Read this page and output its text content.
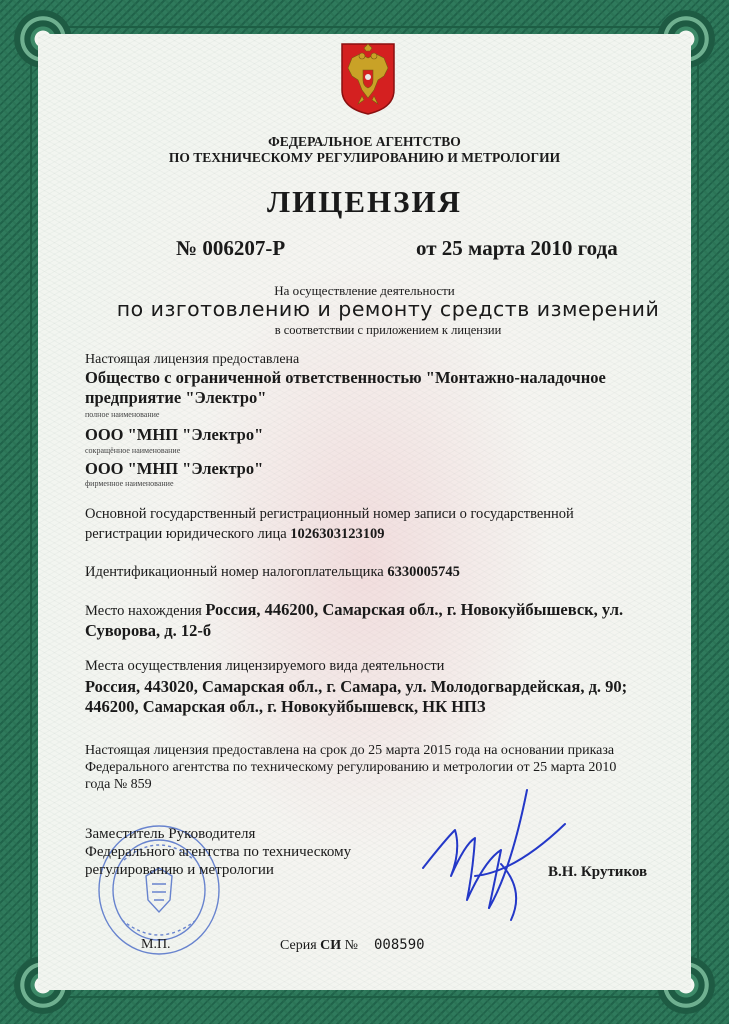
ФЕДЕРАЛЬНОЕ АГЕНТСТВО
ПО ТЕХНИЧЕСКОМУ РЕГУЛИРОВАНИЮ И МЕТРОЛОГИИ
ЛИЦЕНЗИЯ
№ 006207-Р	от 25 марта 2010 года
На осуществление деятельности
по изготовлению и ремонту средств измерений
в соответствии с приложением к лицензии
Настоящая лицензия предоставлена
Общество с ограниченной ответственностью "Монтажно-наладочное
предприятие "Электро"
полное наименование
ООО "МНП "Электро"
сокращённое наименование
ООО "МНП "Электро"
фирменное наименование
Основной государственный регистрационный номер записи о государственной
регистрации юридического лица 1026303123109
Идентификационный номер налогоплательщика 6330005745
Место нахождения Россия, 446200, Самарская обл., г. Новокуйбышевск, ул.
Суворова, д. 12-б
Места осуществления лицензируемого вида деятельности
Россия, 443020, Самарская обл., г. Самара, ул. Молодогвардейская, д. 90;
446200, Самарская обл., г. Новокуйбышевск, НК НПЗ
Настоящая лицензия предоставлена на срок до 25 марта 2015 года на основании приказа
Федерального агентства по техническому регулированию и метрологии от 25 марта 2010
года № 859
Заместитель Руководителя
Федерального агентства по техническому
регулированию и метрологии	В.Н. Крутиков
М.П.	Серия СИ № 008590
